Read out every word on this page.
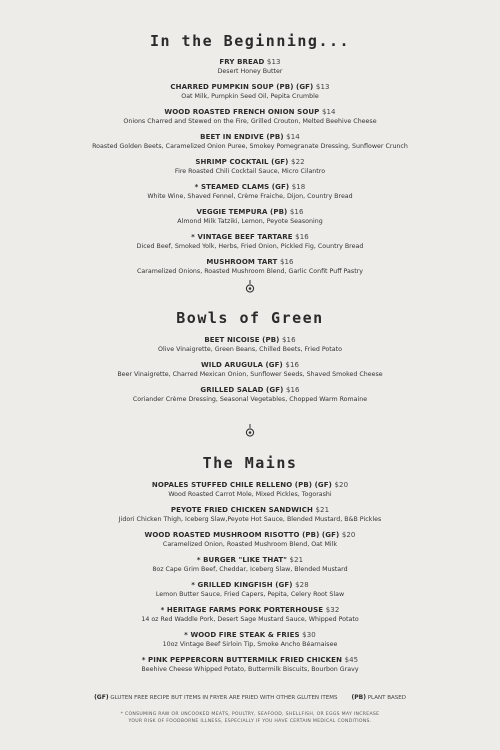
In the Beginning...
FRY BREAD $13
Desert Honey Butter
CHARRED PUMPKIN SOUP (PB) (GF) $13
Oat Milk, Pumpkin Seed Oil, Pepita Crumble
WOOD ROASTED FRENCH ONION SOUP $14
Onions Charred and Stewed on the Fire, Grilled Crouton, Melted Beehive Cheese
BEET IN ENDIVE (PB) $14
Roasted Golden Beets, Caramelized Onion Puree, Smokey Pomegranate Dressing, Sunflower Crunch
SHRIMP COCKTAIL (GF) $22
Fire Roasted Chili Cocktail Sauce, Micro Cilantro
* STEAMED CLAMS (GF) $18
White Wine, Shaved Fennel, Crème Fraiche, Dijon, Country Bread
VEGGIE TEMPURA (PB) $16
Almond Milk Tatziki, Lemon, Peyote Seasoning
* VINTAGE BEEF TARTARE $16
Diced Beef, Smoked Yolk, Herbs, Fried Onion, Pickled Fig, Country Bread
MUSHROOM TART $16
Caramelized Onions, Roasted Mushroom Blend, Garlic Confit Puff Pastry
Bowls of Green
BEET NICOISE (PB) $16
Olive Vinaigrette, Green Beans, Chilled Beets, Fried Potato
WILD ARUGULA (GF) $16
Beer Vinaigrette, Charred Mexican Onion, Sunflower Seeds, Shaved Smoked Cheese
GRILLED SALAD (GF) $16
Coriander Crème Dressing, Seasonal Vegetables, Chopped Warm Romaine
The Mains
NOPALES STUFFED CHILE RELLENO (PB) (GF) $20
Wood Roasted Carrot Mole, Mixed Pickles, Togorashi
PEYOTE FRIED CHICKEN SANDWICH $21
Jidori Chicken Thigh, Iceberg Slaw,Peyote Hot Sauce, Blended Mustard, B&B Pickles
WOOD ROASTED MUSHROOM RISOTTO (PB) (GF) $20
Caramelized Onion, Roasted Mushroom Blend, Oat Milk
* BURGER "LIKE THAT" $21
8oz Cape Grim Beef, Cheddar, Iceberg Slaw, Blended Mustard
* GRILLED KINGFISH (GF) $28
Lemon Butter Sauce, Fried Capers, Pepita, Celery Root Slaw
* HERITAGE FARMS PORK PORTERHOUSE $32
14 oz Red Waddle Pork, Desert Sage Mustard Sauce, Whipped Potato
* WOOD FIRE STEAK & FRIES $30
10oz Vintage Beef Sirloin Tip, Smoke Ancho Béarnaisee
* PINK PEPPERCORN BUTTERMILK FRIED CHICKEN $45
Beehive Cheese Whipped Potato, Buttermilk Biscuits, Bourbon Gravy
(GF) GLUTEN FREE RECIPE BUT ITEMS IN FRYER ARE FRIED WITH OTHER GLUTEN ITEMS (PB) PLANT BASED
* CONSUMING RAW OR UNCOOKED MEATS, POULTRY, SEAFOOD, SHELLFISH, OR EGGS MAY INCREASE
YOUR RISK OF FOODBORNE ILLNESS, ESPECIALLY IF YOU HAVE CERTAIN MEDICAL CONDITIONS.
